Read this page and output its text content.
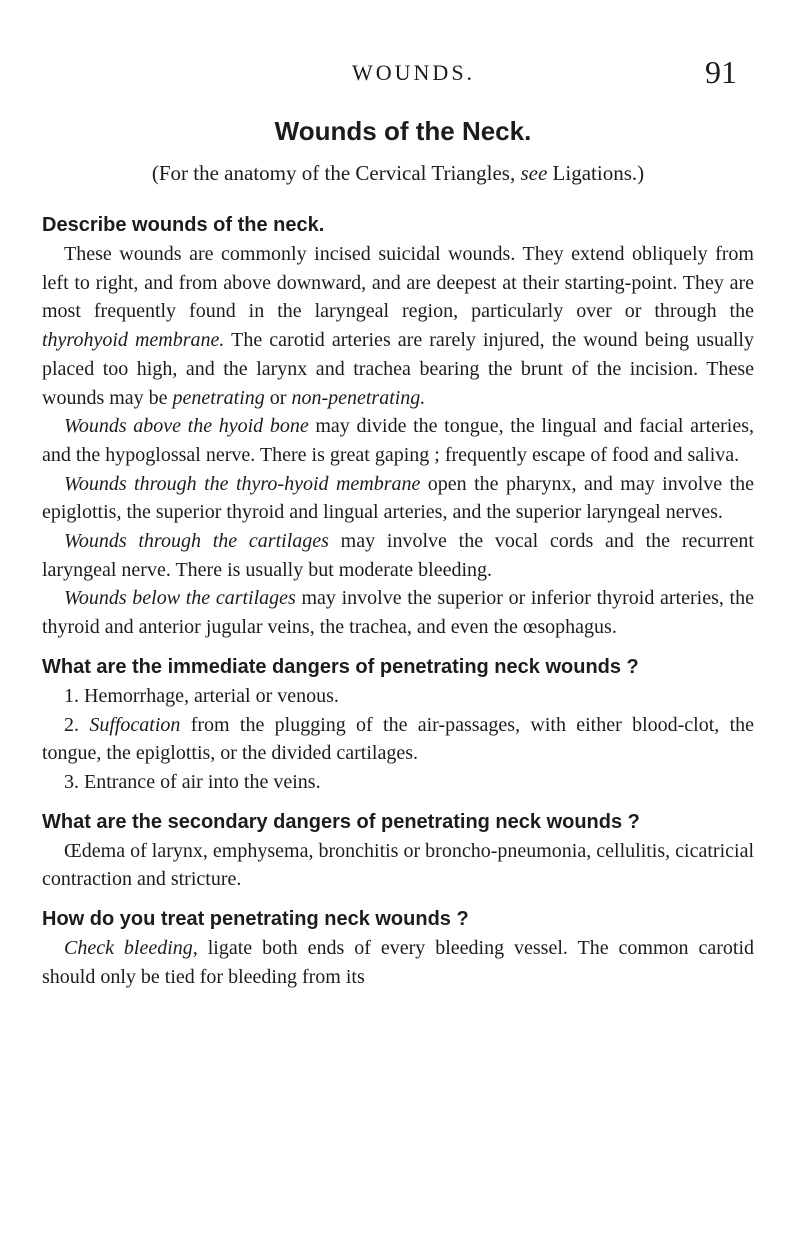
WOUNDS.	91
Wounds of the Neck.

(For the anatomy of the Cervical Triangles, see Ligations.)

Describe wounds of the neck.

These wounds are commonly incised suicidal wounds. They extend obliquely from left to right, and from above downward, and are deepest at their starting-point. They are most frequently found in the laryngeal region, particularly over or through the thyrohyoid membrane. The carotid arteries are rarely injured, the wound being usually placed too high, and the larynx and trachea bearing the brunt of the incision. These wounds may be penetrating or non-penetrating.

Wounds above the hyoid bone may divide the tongue, the lingual and facial arteries, and the hypoglossal nerve. There is great gaping ; frequently escape of food and saliva.

Wounds through the thyro-hyoid membrane open the pharynx, and may involve the epiglottis, the superior thyroid and lingual arteries, and the superior laryngeal nerves.

Wounds through the cartilages may involve the vocal cords and the recurrent laryngeal nerve. There is usually but moderate bleeding.

Wounds below the cartilages may involve the superior or inferior thyroid arteries, the thyroid and anterior jugular veins, the trachea, and even the œsophagus.

What are the immediate dangers of penetrating neck wounds ?

1. Hemorrhage, arterial or venous.

2. Suffocation from the plugging of the air-passages, with either blood-clot, the tongue, the epiglottis, or the divided cartilages.

3. Entrance of air into the veins.

What are the secondary dangers of penetrating neck wounds ?

Œdema of larynx, emphysema, bronchitis or broncho-pneumonia, cellulitis, cicatricial contraction and stricture.

How do you treat penetrating neck wounds ?

Check bleeding, ligate both ends of every bleeding vessel. The common carotid should only be tied for bleeding from its
